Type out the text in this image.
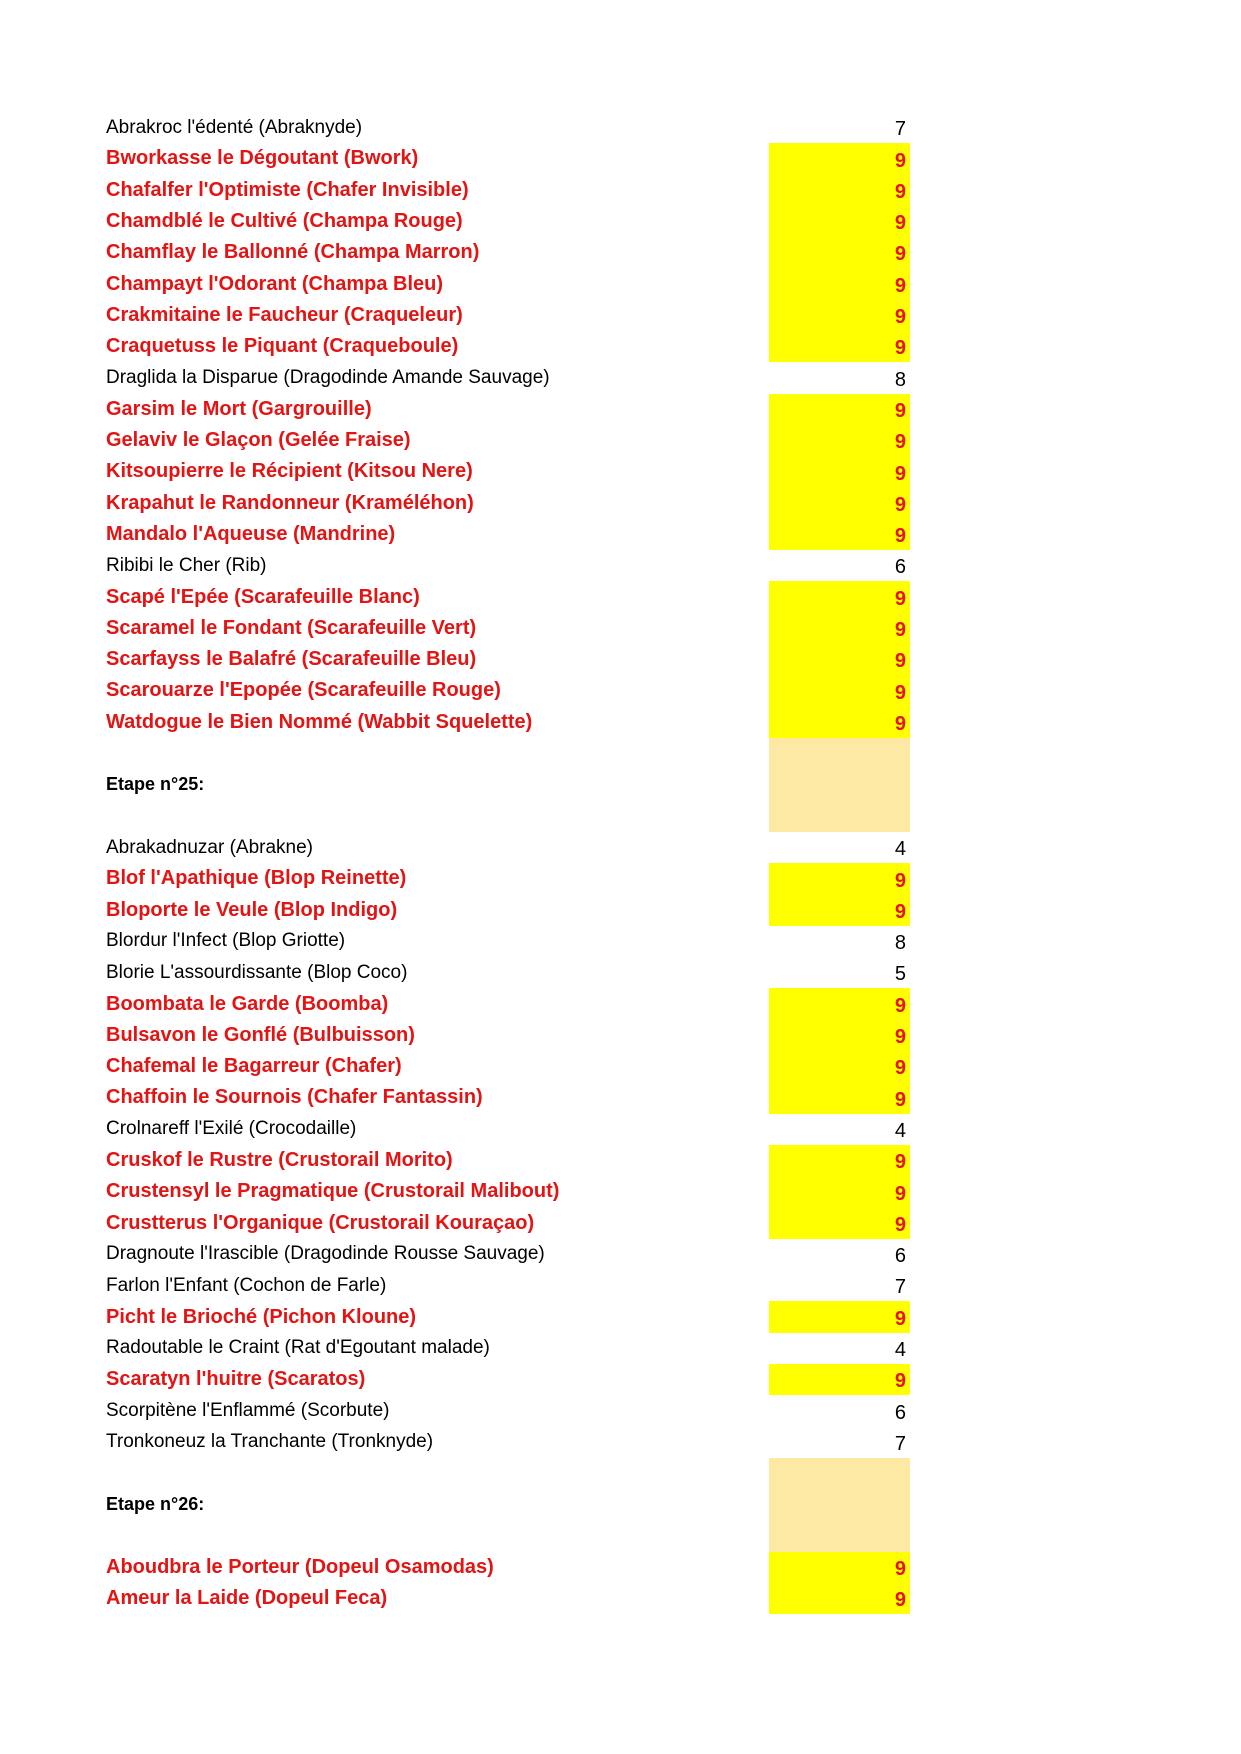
Abrakroc l'édenté (Abraknyde)	7
Bworkasse le Dégoutant (Bwork)	9
Chafalfer l'Optimiste (Chafer Invisible)	9
Chamdblé le Cultivé (Champa Rouge)	9
Chamflay le Ballonné (Champa Marron)	9
Champayt l'Odorant (Champa Bleu)	9
Crakmitaine le Faucheur (Craqueleur)	9
Craquetuss le Piquant (Craqueboule)	9
Draglida la Disparue (Dragodinde Amande Sauvage)	8
Garsim le Mort (Gargrouille)	9
Gelaviv le Glaçon (Gelée Fraise)	9
Kitsoupierre le Récipient (Kitsou Nere)	9
Krapahut le Randonneur (Kraméléhon)	9
Mandalo l'Aqueuse (Mandrine)	9
Ribibi le Cher (Rib)	6
Scapé l'Epée (Scarafeuille Blanc)	9
Scaramel le Fondant (Scarafeuille Vert)	9
Scarfayss le Balafré (Scarafeuille Bleu)	9
Scarouarze l'Epopée (Scarafeuille Rouge)	9
Watdogue le Bien Nommé (Wabbit Squelette)	9
Etape n°25:
Abrakadnuzar (Abrakne)	4
Blof l'Apathique (Blop Reinette)	9
Bloporte le Veule (Blop Indigo)	9
Blordur l'Infect (Blop Griotte)	8
Blorie L'assourdissante (Blop Coco)	5
Boombata le Garde (Boomba)	9
Bulsavon le Gonflé (Bulbuisson)	9
Chafemal le Bagarreur (Chafer)	9
Chaffoin le Sournois (Chafer Fantassin)	9
Crolnareff l'Exilé (Crocodaille)	4
Cruskof le Rustre (Crustorail Morito)	9
Crustensyl le Pragmatique (Crustorail Malibout)	9
Crustterus l'Organique (Crustorail Kouraçao)	9
Dragnoute l'Irascible (Dragodinde Rousse Sauvage)	6
Farlon l'Enfant (Cochon de Farle)	7
Picht le Brioché (Pichon Kloune)	9
Radoutable le Craint (Rat d'Egoutant malade)	4
Scaratyn l'huitre (Scaratos)	9
Scorpitène l'Enflammé (Scorbute)	6
Tronkoneuz la Tranchante (Tronknyde)	7
Etape n°26:
Aboudbra le Porteur (Dopeul Osamodas)	9
Ameur la Laide (Dopeul Feca)	9
